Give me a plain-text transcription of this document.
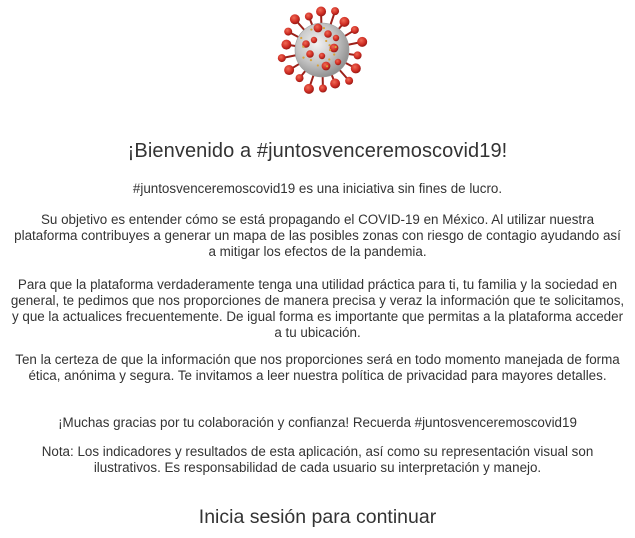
¡Bienvenido a #juntosvenceremoscovid19!

#juntosvenceremoscovid19 es una iniciativa sin fines de lucro.

Su objetivo es entender cómo se está propagando el COVID-19 en México. Al utilizar nuestra plataforma contribuyes a generar un mapa de las posibles zonas con riesgo de contagio ayudando así a mitigar los efectos de la pandemia.

Para que la plataforma verdaderamente tenga una utilidad práctica para ti, tu familia y la sociedad en general, te pedimos que nos proporciones de manera precisa y veraz la información que te solicitamos, y que la actualices frecuentemente. De igual forma es importante que permitas a la plataforma acceder a tu ubicación.

Ten la certeza de que la información que nos proporciones será en todo momento manejada de forma ética, anónima y segura. Te invitamos a leer nuestra política de privacidad para mayores detalles.

¡Muchas gracias por tu colaboración y confianza! Recuerda #juntosvenceremoscovid19

Nota: Los indicadores y resultados de esta aplicación, así como su representación visual son ilustrativos. Es responsabilidad de cada usuario su interpretación y manejo.

Inicia sesión para continuar
